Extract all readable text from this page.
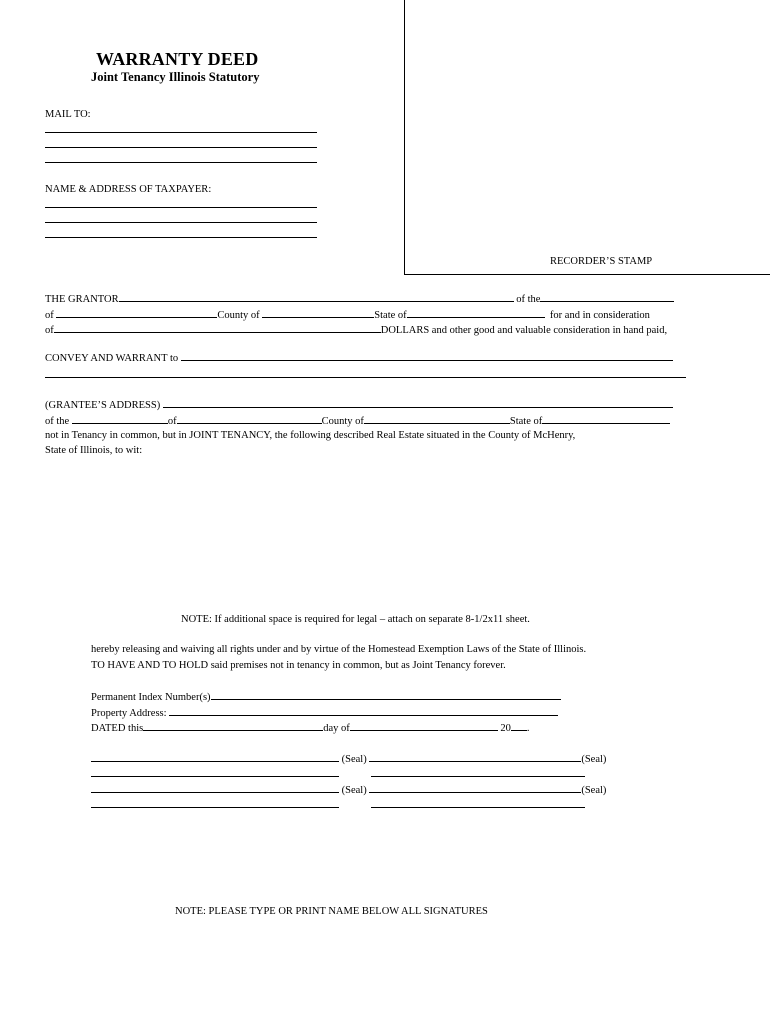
RECORDER’S STAMP
WARRANTY DEED
Joint Tenancy Illinois Statutory
MAIL TO:
NAME & ADDRESS OF TAXPAYER:
THE GRANTOR	of the
of	County of	State of	for and in consideration
of	DOLLARS and other good and valuable consideration in hand paid,
CONVEY AND WARRANT to
(GRANTEE’S ADDRESS)
of the	of	County of	State of
not in Tenancy in common, but in JOINT TENANCY, the following described Real Estate situated in the County of McHenry,
State of Illinois, to wit:
NOTE: If additional space is required for legal – attach on separate 8-1/2x11 sheet.
hereby releasing and waiving all rights under and by virtue of the Homestead Exemption Laws of the State of Illinois.
TO HAVE AND TO HOLD said premises not in tenancy in common, but as Joint Tenancy forever.
Permanent Index Number(s)
Property Address:
DATED this	day of	20 .
(Seal)	(Seal)
(Seal)	(Seal)
NOTE: PLEASE TYPE OR PRINT NAME BELOW ALL SIGNATURES
